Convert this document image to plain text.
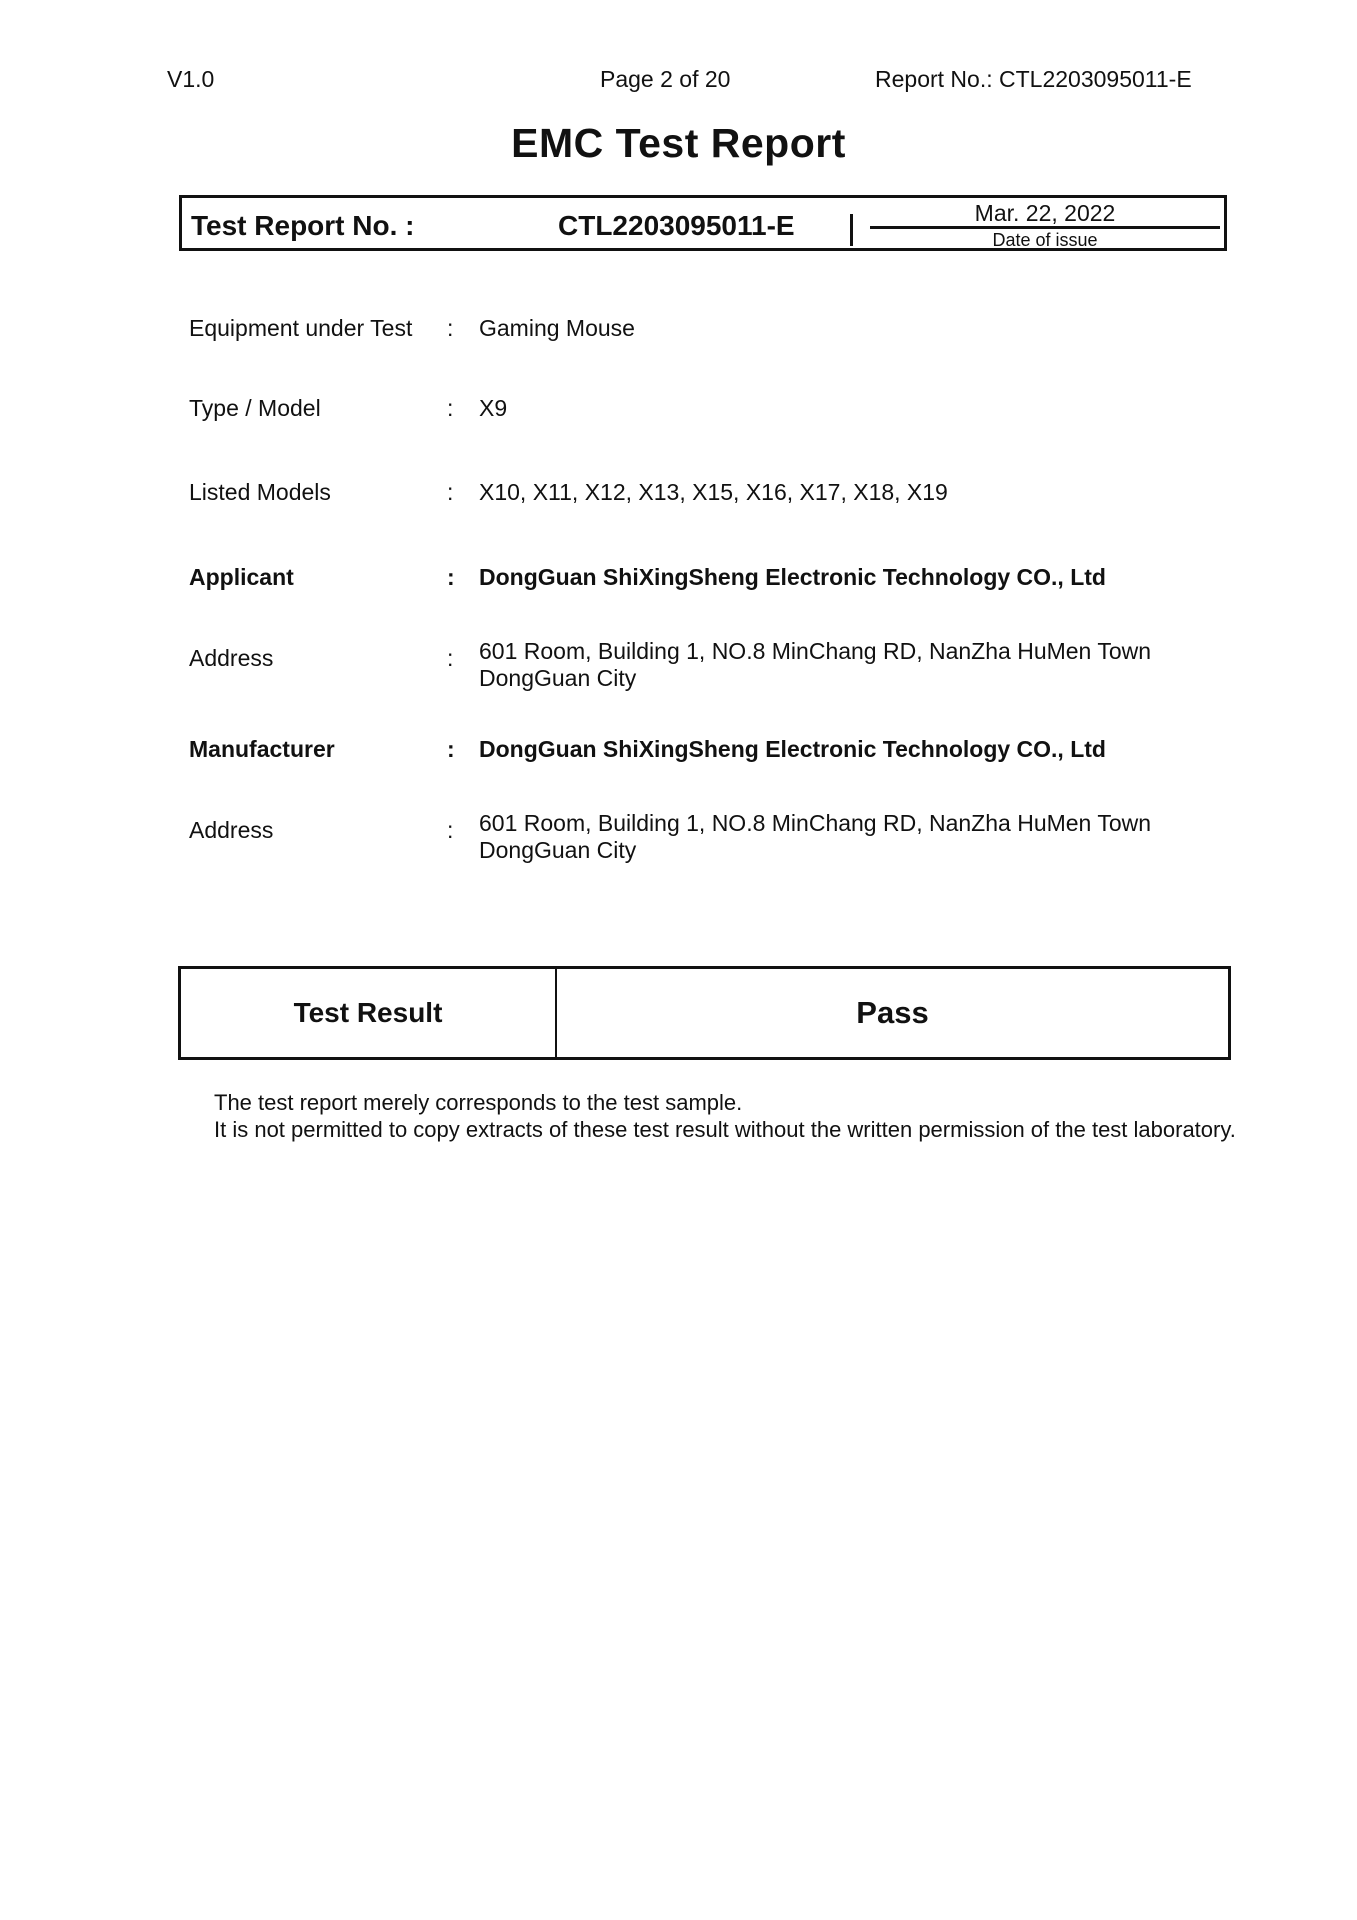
V1.0	Page 2 of 20	Report No.: CTL2203095011-E
EMC Test Report
Test Report No. :	CTL2203095011-E	Mar. 22, 2022
Date of issue
Equipment under Test : Gaming Mouse
Type / Model	: X9
Listed Models	: X10, X11, X12, X13, X15, X16, X17, X18, X19
Applicant	: DongGuan ShiXingSheng Electronic Technology CO., Ltd
Address	: 601 Room, Building 1, NO.8 MinChang RD, NanZha HuMen Town DongGuan City
Manufacturer	: DongGuan ShiXingSheng Electronic Technology CO., Ltd
Address	: 601 Room, Building 1, NO.8 MinChang RD, NanZha HuMen Town DongGuan City
Test Result	Pass

The test report merely corresponds to the test sample.

It is not permitted to copy extracts of these test result without the written permission of the test laboratory.
